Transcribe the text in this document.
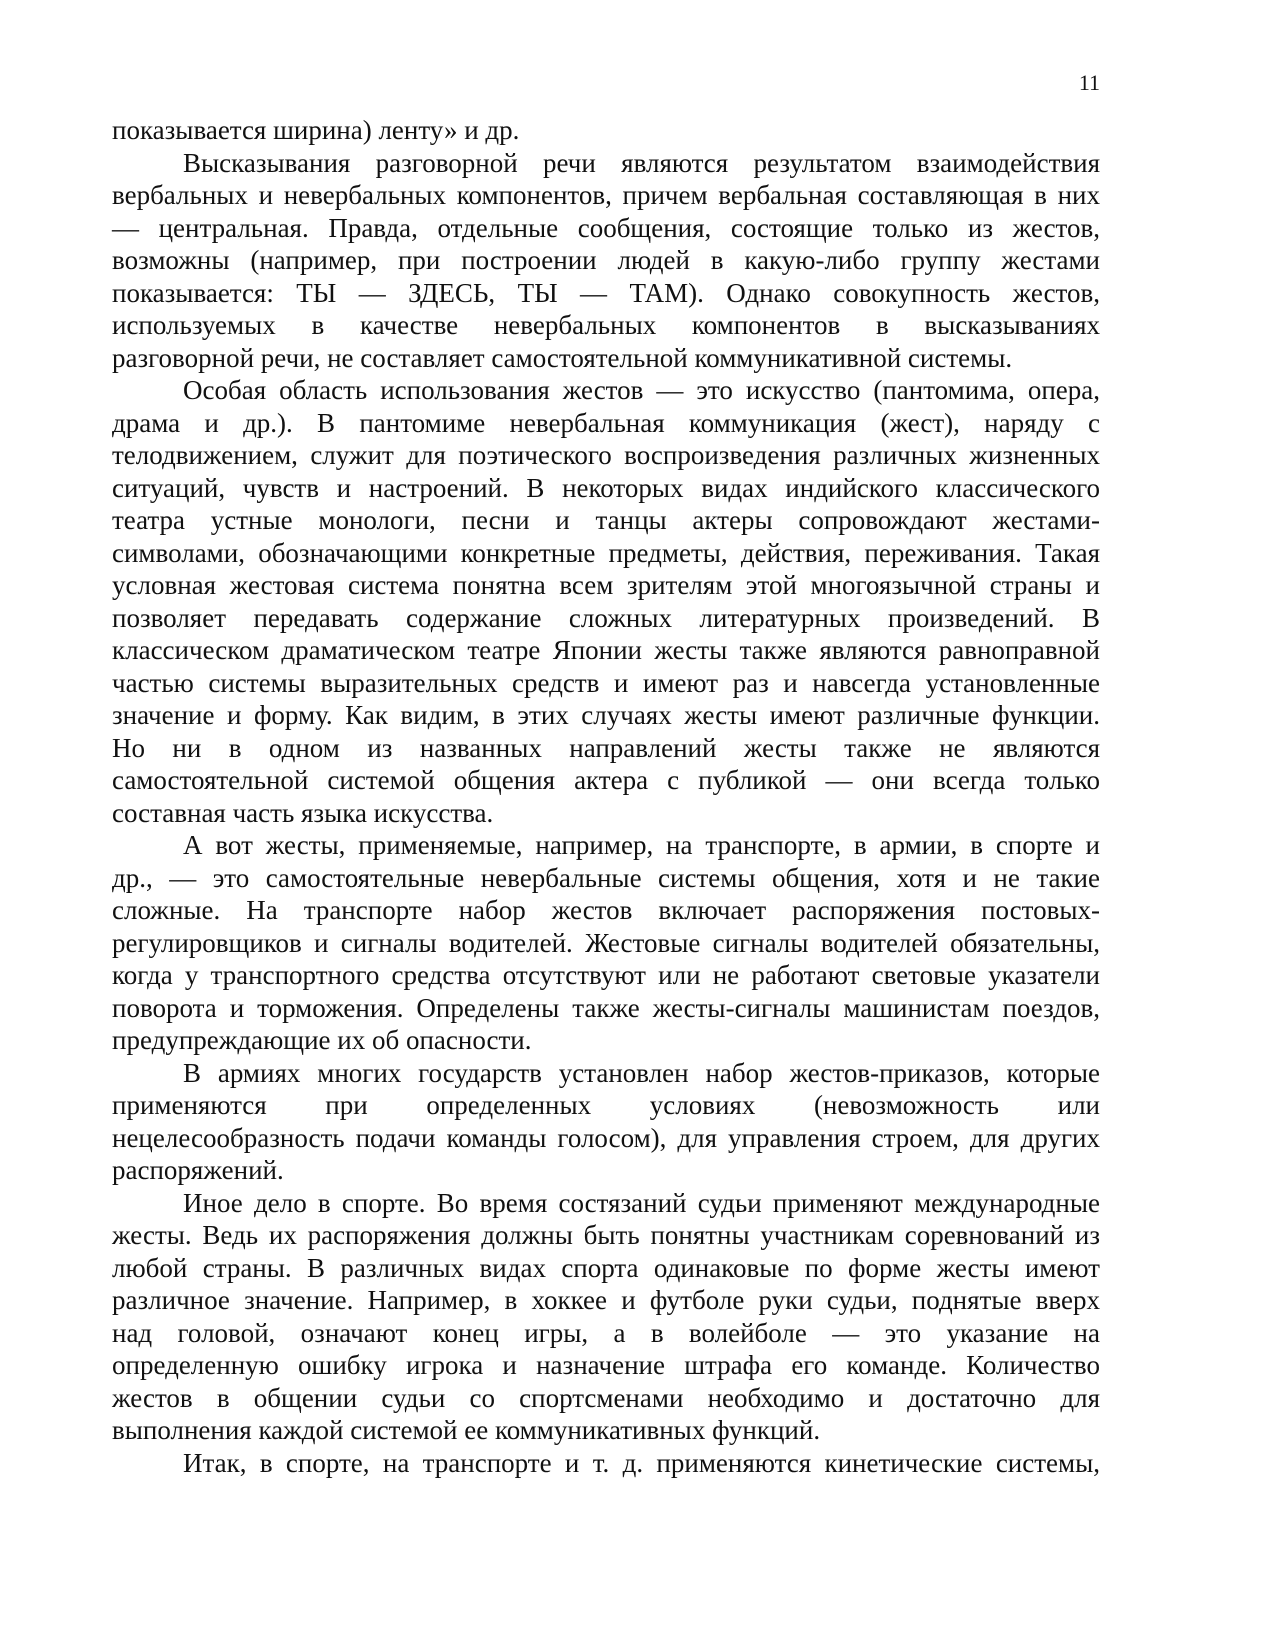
11
показывается ширина) ленту» и др.
Высказывания разговорной речи являются результатом взаимодействия
вербальных и невербальных компонентов, причем вербальная составляющая в них
— центральная. Правда, отдельные сообщения, состоящие только из жестов,
возможны (например, при построении людей в какую-либо группу жестами
показывается: ТЫ — ЗДЕСЬ, ТЫ — ТАМ). Однако совокупность жестов,
используемых в качестве невербальных компонентов в высказываниях
разговорной речи, не составляет самостоятельной коммуникативной системы.
Особая область использования жестов — это искусство (пантомима, опера,
драма и др.). В пантомиме невербальная коммуникация (жест), наряду с
телодвижением, служит для поэтического воспроизведения различных жизненных
ситуаций, чувств и настроений. В некоторых видах индийского классического
театра устные монологи, песни и танцы актеры сопровождают жестами-
символами, обозначающими конкретные предметы, действия, переживания. Такая
условная жестовая система понятна всем зрителям этой многоязычной страны и
позволяет передавать содержание сложных литературных произведений. В
классическом драматическом театре Японии жесты также являются равноправной
частью системы выразительных средств и имеют раз и навсегда установленные
значение и форму. Как видим, в этих случаях жесты имеют различные функции.
Но ни в одном из названных направлений жесты также не являются
самостоятельной системой общения актера с публикой — они всегда только
составная часть языка искусства.
А вот жесты, применяемые, например, на транспорте, в армии, в спорте и
др., — это самостоятельные невербальные системы общения, хотя и не такие
сложные. На транспорте набор жестов включает распоряжения постовых-
регулировщиков и сигналы водителей. Жестовые сигналы водителей обязательны,
когда у транспортного средства отсутствуют или не работают световые указатели
поворота и торможения. Определены также жесты-сигналы машинистам поездов,
предупреждающие их об опасности.
В армиях многих государств установлен набор жестов-приказов, которые
применяются при определенных условиях (невозможность или
нецелесообразность подачи команды голосом), для управления строем, для других
распоряжений.
Иное дело в спорте. Во время состязаний судьи применяют международные
жесты. Ведь их распоряжения должны быть понятны участникам соревнований из
любой страны. В различных видах спорта одинаковые по форме жесты имеют
различное значение. Например, в хоккее и футболе руки судьи, поднятые вверх
над головой, означают конец игры, а в волейболе — это указание на
определенную ошибку игрока и назначение штрафа его команде. Количество
жестов в общении судьи со спортсменами необходимо и достаточно для
выполнения каждой системой ее коммуникативных функций.
Итак, в спорте, на транспорте и т. д. применяются кинетические системы,
